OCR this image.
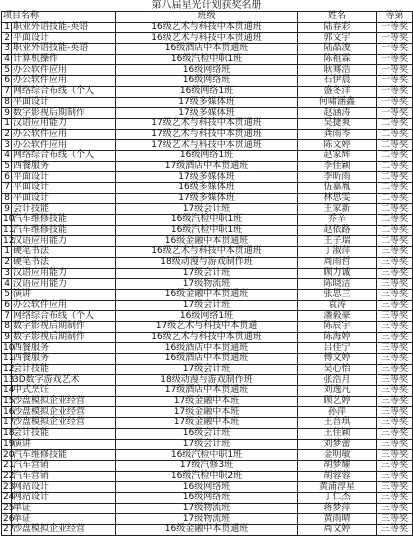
第八届星光计划获奖名册
项目名称		班级	姓名	等第
1	职业外语技能-英语	16级艺术与科技中本贯通班	陆春彩	一等奖
2	平面设计	16级艺术与科技中本贯通班	郭文宇	一等奖
3	职业外语技能-英语	16级酒店中本贯通班	陆晶浚	一等奖
4	计算机操作	16级汽检中职1班	陈祖霖	一等奖
5	办公软件应用	16级网络班	耿骞浩	一等奖
6	办公软件应用	16级网络班	石伊晨	一等奖
7	网络综合布线（个人	16级网络1班	盛冬洋	一等奖
8	平面设计	17级多媒体班	何啸涵鑫	一等奖
9	数字影视后期制作	17级多媒体班	赵涵涛	一等奖
1	汉语应用能力	17级艺术与科技中本贯通班	吴捷爽	二等奖
2	办公软件应用	17级艺术与科技中本贯通班	龚雨岑	二等奖
3	办公软件应用	17级艺术与科技中本贯通班	陈文婷	二等奖
4	网络综合布线（个人	16级网络1班	赵家辉	二等奖
5	西餐服务	17级酒店中本贯通班	李佳颖	二等奖
6	平面设计	17级多媒体班	李昕雨	二等奖
7	平面设计	16级多媒体班	伍嘉胤	二等奖
8	平面设计	17级多媒体班	林思雯	二等奖
9	会计技能	17级会计班	王家新	二等奖
10	汽车维修技能	16级汽检中职1班	乔辛	二等奖
11	汽车维修技能	16级汽检中职1班	赵依路	二等奖
12	汉语应用能力	16级金融中本贯通班	王子瑞	二等奖
1	硬笔书法	16级艺术与科技中本贯通班	丁淑萍	三等奖
2	硬笔书法	18级动漫与游戏制作班	周雨哲	三等奖
3	汉语应用能力	17级会计班	顾力诚	三等奖
4	汉语应用能力	17级物流班	陈晓洁	三等奖
5	演讲	16级金融中本贯通班	张思兰	三等奖
6	办公软件应用	17级会计班	袁涛	三等奖
7	网络综合布线（个人	16级网络1班	潘毅豪	三等奖
8	数字影视后期制作	17级艺术与科技中本贯通	陈辰宇	三等奖
9	数字影视后期制作	16级艺术与科技中本贯通班	陈海婷	三等奖
10	西餐服务	16级酒店中本贯通班	吕佳宁	三等奖
11	西餐服务	16级酒店中本贯通班	傅文婷	三等奖
12	会计技能	17级会计班	吴心怡	三等奖
13	3D数字游戏艺术	18级动漫与游戏制作班	张浩月	三等奖
14	中式烹饪	17级酒店中本贯通班	刘逸凡	三等奖
15	沙盘模拟企业经营	17级金融中本班	顾艺婷	三等奖
16	沙盘模拟企业经营	17级金融中本班	孙萍	三等奖
17	沙盘模拟企业经营	17级金融中本班	王音琪	三等奖
18	会计技能	16级会计班	王佳颖	三等奖
19	演讲	17级会计班	刘梦蕾	三等奖
20	汽车维修技能	16级汽检中职1班	金明敏	三等奖
21	汽车营销	17级汽修3班	胡梦耀	三等奖
22	汽车营销	16级汽检中职2班	胡蓉蓉	三等奖
23	网站设计	16级网络班	黄浦淳星	三等奖
24	网站设计	16级网络班	丁仁杰	三等奖
25	单证	17级物流班	蒋梦萍	三等奖
26	单证	17级物流班	黄雨晴	三等奖
27	沙盘模拟企业经营	16级金融中本贯通班	周文婷	三等奖
